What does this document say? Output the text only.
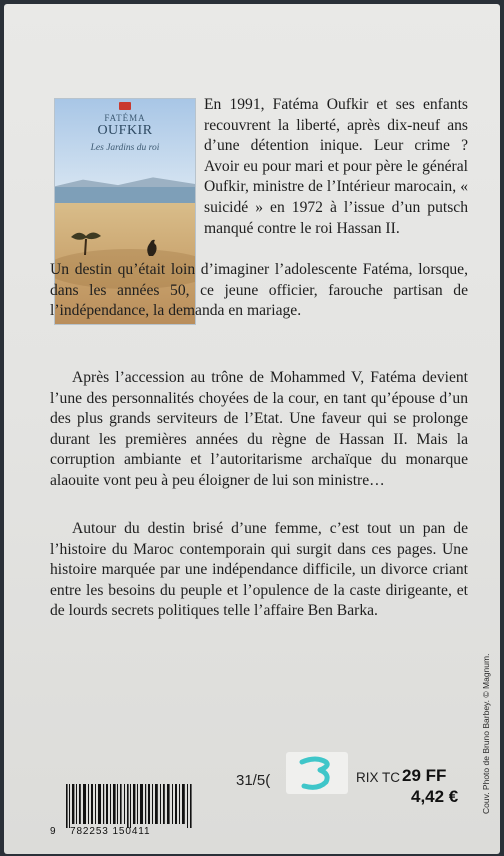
FATÉMA
OUFKIR
Les Jardins du roi

En 1991, Fatéma Oufkir et ses enfants recouvrent la liberté, après dix-neuf ans d’une détention inique. Leur crime ? Avoir eu pour mari et pour père le général Oufkir, ministre de l’Intérieur marocain, « suicidé » en 1972 à l’issue d’un putsch manqué contre le roi Hassan II.

Un destin qu’était loin d’imaginer l’adolescente Fatéma, lorsque, dans les années 50, ce jeune officier, farouche partisan de l’indépendance, la demanda en mariage.

Après l’accession au trône de Mohammed V, Fatéma devient l’une des personnalités choyées de la cour, en tant qu’épouse d’un des plus grands serviteurs de l’Etat. Une faveur qui se prolonge durant les premières années du règne de Hassan II. Mais la corruption ambiante et l’autoritarisme archaïque du monarque alaouite vont peu à peu éloigner de lui son ministre…

Autour du destin brisé d’une femme, c’est tout un pan de l’histoire du Maroc contemporain qui surgit dans ces pages. Une histoire marquée par une indépendance difficile, un divorce criant entre les besoins du peuple et l’opulence de la caste dirigeante, et de lourds secrets politiques telle l’affaire Ben Barka.

Couv. Photo de Bruno Barbey. © Magnum.
9 782253 150411
31/5(	RIX TC 29 FF
4,42 €
